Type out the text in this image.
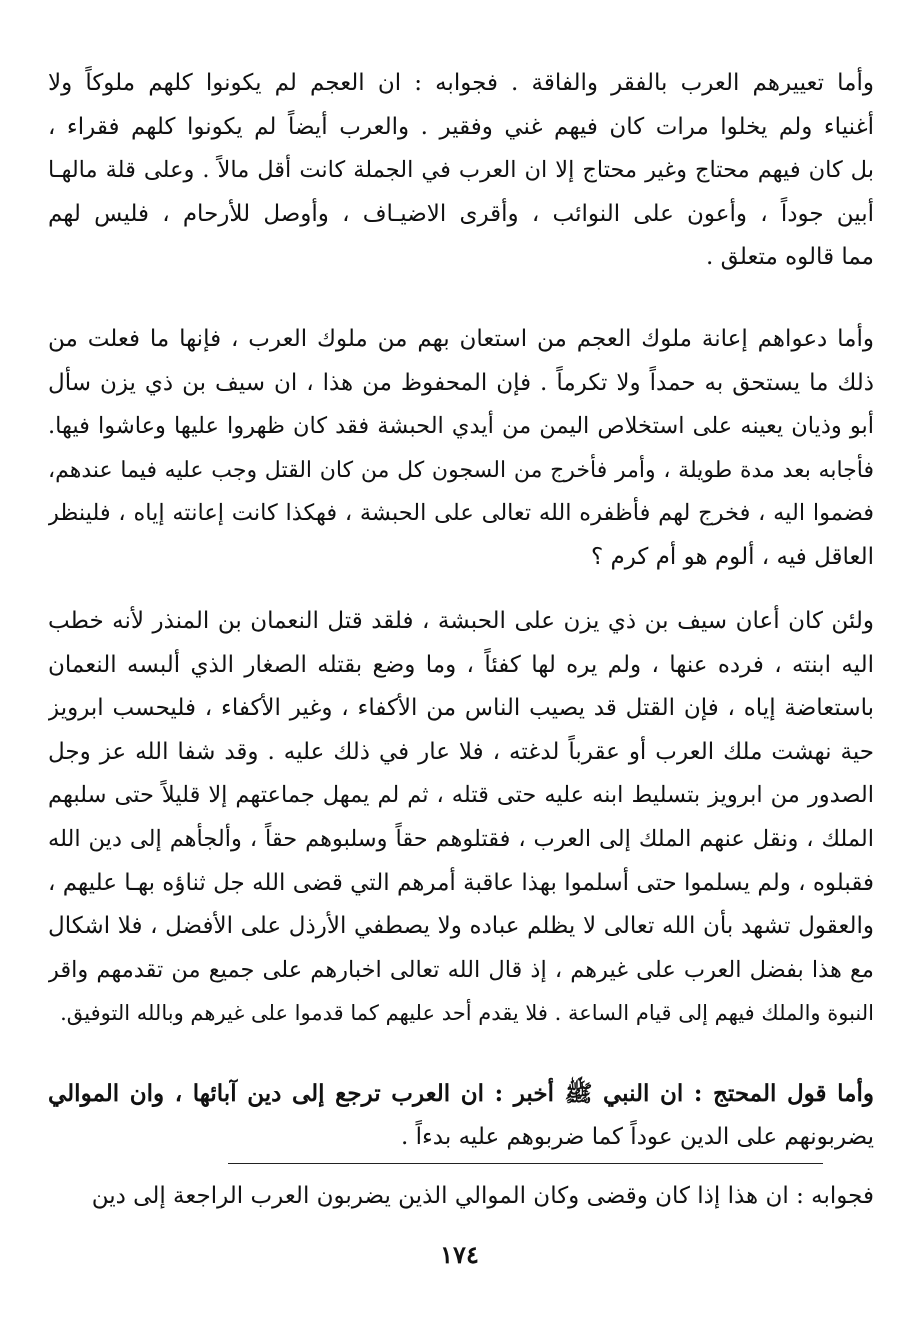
وأما تعييرهم العرب بالفقر والفاقة . فجوابه : ان العجم لم يكونوا كلهم ملوكاً ولا
أغنياء ولم يخلوا مرات كان فيهم غني وفقير . والعرب أيضاً لم يكونوا كلهم فقراء ،
بل كان فيهم محتاج وغير محتاج إلا ان العرب في الجملة كانت أقل مالاً . وعلى قلة مالهـا
أبين جوداً ، وأعون على النوائب ، وأقرى الاضيـاف ، وأوصل للأرحام ، فليس لهم
مما قالوه متعلق .
وأما دعواهم إعانة ملوك العجم من استعان بهم من ملوك العرب ، فإنها ما فعلت من
ذلك ما يستحق به حمداً ولا تكرماً . فإن المحفوظ من هذا ، ان سيف بن ذي يزن سأل
أبو وذيان يعينه على استخلاص اليمن من أيدي الحبشة فقد كان ظهروا عليها وعاشوا فيها.
فأجابه بعد مدة طويلة ، وأمر فأخرج من السجون كل من كان القتل وجب عليه فيما عندهم،
فضموا اليه ، فخرج لهم فأظفره الله تعالى على الحبشة ، فهكذا كانت إعانته إياه ، فلينظر
العاقل فيه ، ألوم هو أم كرم ؟
ولئن كان أعان سيف بن ذي يزن على الحبشة ، فلقد قتل النعمان بن المنذر لأنه خطب
اليه ابنته ، فرده عنها ، ولم يره لها كفئاً ، وما وضع بقتله الصغار الذي ألبسه النعمان
باستعاضة إياه ، فإن القتل قد يصيب الناس من الأكفاء ، وغير الأكفاء ، فليحسب ابرويز
حية نهشت ملك العرب أو عقرباً لدغته ، فلا عار في ذلك عليه . وقد شفا الله عز وجل
الصدور من ابرويز بتسليط ابنه عليه حتى قتله ، ثم لم يمهل جماعتهم إلا قليلاً حتى سلبهم
الملك ، ونقل عنهم الملك إلى العرب ، فقتلوهم حقاً وسلبوهم حقاً ، وألجأهم إلى دين الله
فقبلوه ، ولم يسلموا حتى أسلموا بهذا عاقبة أمرهم التي قضى الله جل ثناؤه بهـا عليهم ،
والعقول تشهد بأن الله تعالى لا يظلم عباده ولا يصطفي الأرذل على الأفضل ، فلا اشكال
مع هذا بفضل العرب على غيرهم ، إذ قال الله تعالى اخبارهم على جميع من تقدمهم واقر
النبوة والملك فيهم إلى قيام الساعة . فلا يقدم أحد عليهم كما قدموا على غيرهم وبالله التوفيق.
وأما قول المحتج : ان النبي ﷺ أخبر : ان العرب ترجع إلى دين آبائها ، وان الموالي
يضربونهم على الدين عوداً كما ضربوهم عليه بدءاً .
فجوابه : ان هذا إذا كان وقضى وكان الموالي الذين يضربون العرب الراجعة إلى دين
١٧٤
